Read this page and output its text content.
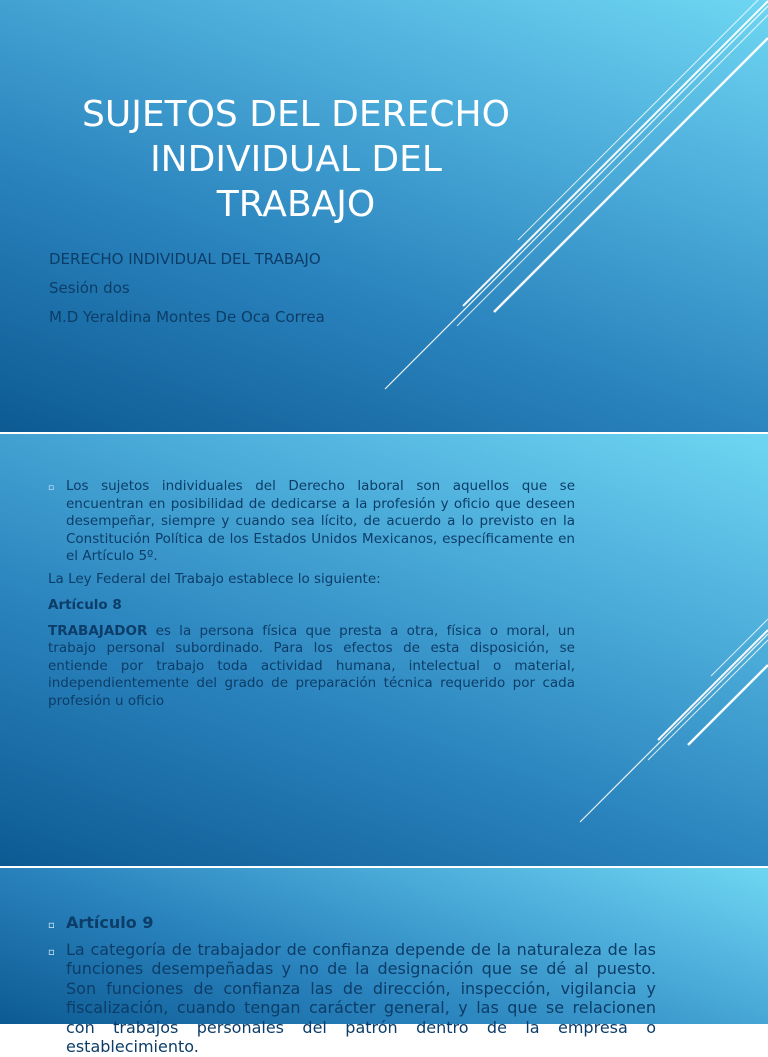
SUJETOS DEL DERECHO
INDIVIDUAL DEL
TRABAJO
DERECHO INDIVIDUAL DEL TRABAJO
Sesión dos
M.D Yeraldina Montes De Oca Correa
▫ Los sujetos individuales del Derecho laboral son aquellos que se encuentran en posibilidad de dedicarse a la profesión y oficio que deseen desempeñar, siempre y cuando sea lícito, de acuerdo a lo previsto en la Constitución Política de los Estados Unidos Mexicanos, específicamente en el Artículo 5º.
La Ley Federal del Trabajo establece lo siguiente:
Artículo 8
TRABAJADOR es la persona física que presta a otra, física o moral, un trabajo personal subordinado. Para los efectos de esta disposición, se entiende por trabajo toda actividad humana, intelectual o material, independientemente del grado de preparación técnica requerido por cada profesión u oficio
▫ Artículo 9
▫ La categoría de trabajador de confianza depende de la naturaleza de las funciones desempeñadas y no de la designación que se dé al puesto. Son funciones de confianza las de dirección, inspección, vigilancia y fiscalización, cuando tengan carácter general, y las que se relacionen con trabajos personales del patrón dentro de la empresa o establecimiento.
